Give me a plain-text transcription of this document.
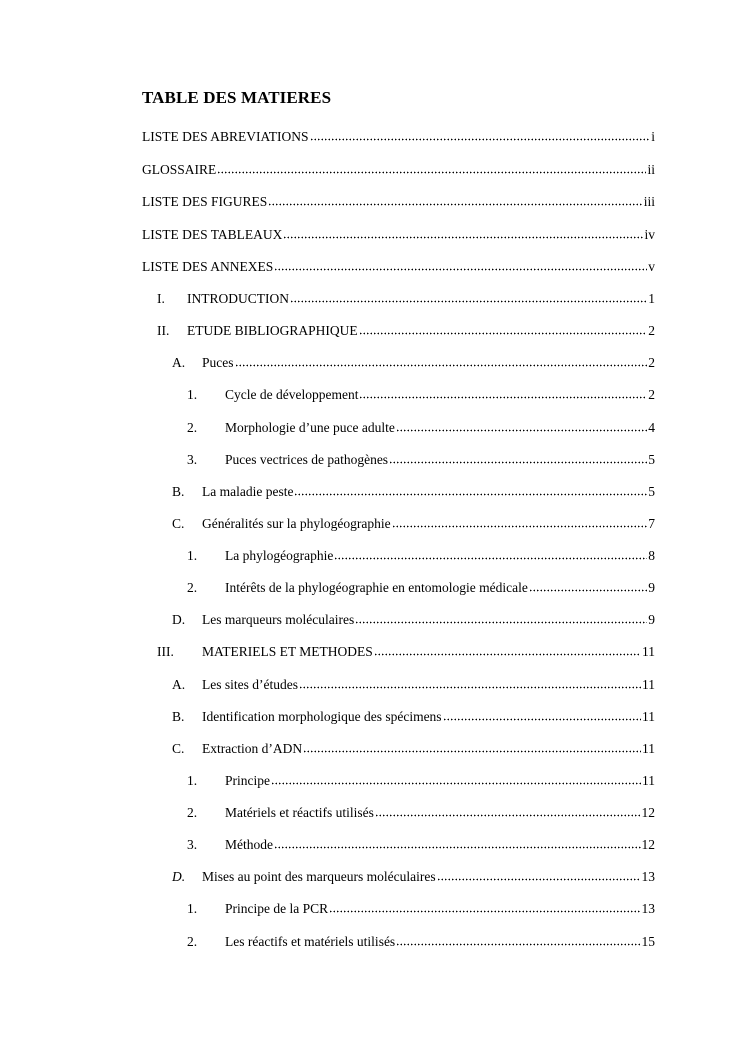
TABLE DES MATIERES
LISTE DES ABREVIATIONS	i
GLOSSAIRE	ii
LISTE DES FIGURES	iii
LISTE DES TABLEAUX	iv
LISTE DES ANNEXES	v
I.	INTRODUCTION	1
II.	ETUDE BIBLIOGRAPHIQUE	2
A.	Puces	2
1.	Cycle de développement	2
2.	Morphologie d’une puce adulte	4
3.	Puces vectrices de pathogènes	5
B.	La maladie peste	5
C.	Généralités sur la phylogéographie	7
1.	La phylogéographie	8
2.	Intérêts de la phylogéographie en entomologie médicale	9
D.	Les marqueurs moléculaires	9
III.	MATERIELS ET METHODES	11
A.	Les sites d’études	11
B.	Identification morphologique des spécimens	11
C.	Extraction d’ADN	11
1.	Principe	11
2.	Matériels et réactifs utilisés	12
3.	Méthode	12
D.	Mises au point des marqueurs moléculaires	13
1.	Principe de la PCR	13
2.	Les réactifs et matériels utilisés	15
